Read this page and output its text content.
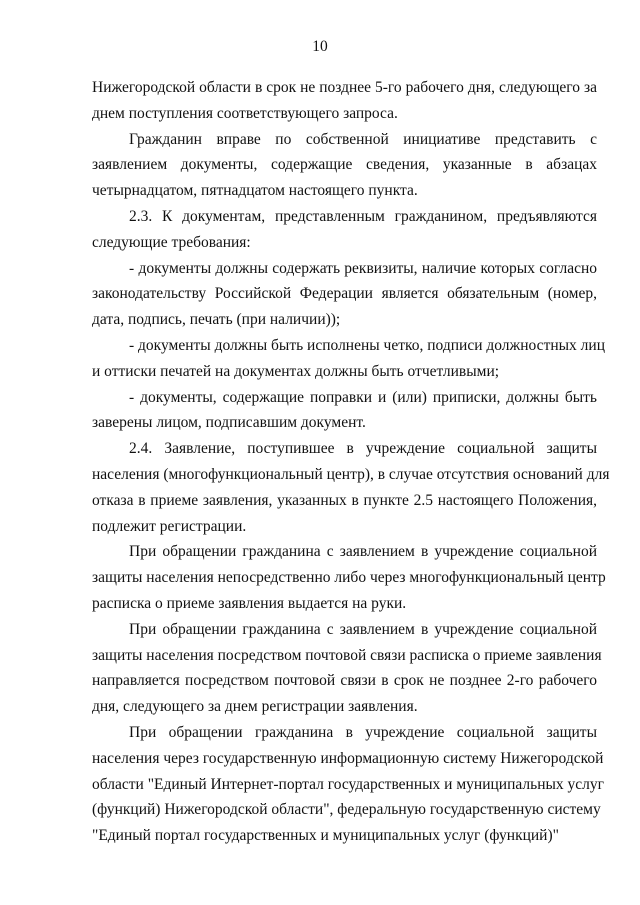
10
Нижегородской области в срок не позднее 5-го рабочего дня, следующего за
днем поступления соответствующего запроса.
Гражданин вправе по собственной инициативе представить с
заявлением документы, содержащие сведения, указанные в абзацах
четырнадцатом, пятнадцатом настоящего пункта.
2.3. К документам, представленным гражданином, предъявляются
следующие требования:
- документы должны содержать реквизиты, наличие которых согласно
законодательству Российской Федерации является обязательным (номер,
дата, подпись, печать (при наличии));
- документы должны быть исполнены четко, подписи должностных лиц
и оттиски печатей на документах должны быть отчетливыми;
- документы, содержащие поправки и (или) приписки, должны быть
заверены лицом, подписавшим документ.
2.4. Заявление, поступившее в учреждение социальной защиты
населения (многофункциональный центр), в случае отсутствия оснований для
отказа в приеме заявления, указанных в пункте 2.5 настоящего Положения,
подлежит регистрации.
При обращении гражданина с заявлением в учреждение социальной
защиты населения непосредственно либо через многофункциональный центр
расписка о приеме заявления выдается на руки.
При обращении гражданина с заявлением в учреждение социальной
защиты населения посредством почтовой связи расписка о приеме заявления
направляется посредством почтовой связи в срок не позднее 2-го рабочего
дня, следующего за днем регистрации заявления.
При обращении гражданина в учреждение социальной защиты
населения через государственную информационную систему Нижегородской
области "Единый Интернет-портал государственных и муниципальных услуг
(функций) Нижегородской области", федеральную государственную систему
"Единый портал государственных и муниципальных услуг (функций)"
